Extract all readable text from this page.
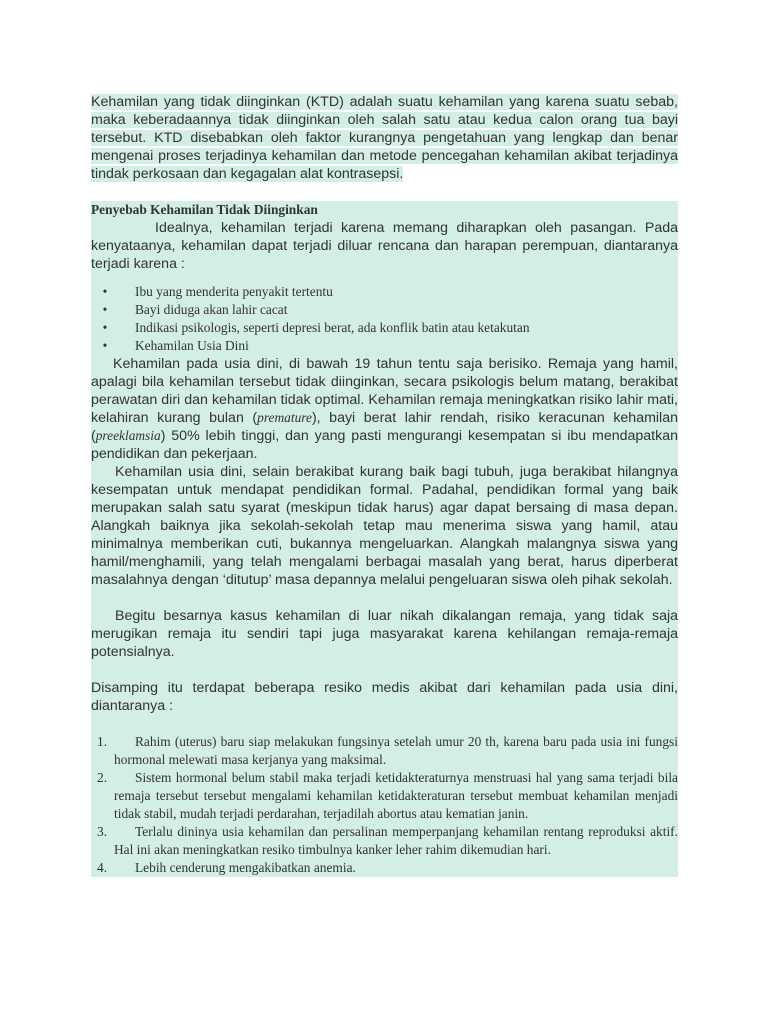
Kehamilan yang tidak diinginkan (KTD) adalah suatu kehamilan yang karena suatu sebab, maka keberadaannya tidak diinginkan oleh salah satu atau kedua calon orang tua bayi tersebut. KTD disebabkan oleh faktor kurangnya pengetahuan yang lengkap dan benar mengenai proses terjadinya kehamilan dan metode pencegahan kehamilan akibat terjadinya tindak perkosaan dan kegagalan alat kontrasepsi.

Penyebab Kehamilan Tidak Diinginkan

Idealnya, kehamilan terjadi karena memang diharapkan oleh pasangan. Pada kenyataanya, kehamilan dapat terjadi diluar rencana dan harapan perempuan, diantaranya terjadi karena :

• Ibu yang menderita penyakit tertentu
• Bayi diduga akan lahir cacat
• Indikasi psikologis, seperti depresi berat, ada konflik batin atau ketakutan
• Kehamilan Usia Dini

Kehamilan pada usia dini, di bawah 19 tahun tentu saja berisiko. Remaja yang hamil, apalagi bila kehamilan tersebut tidak diinginkan, secara psikologis belum matang, berakibat perawatan diri dan kehamilan tidak optimal. Kehamilan remaja meningkatkan risiko lahir mati, kelahiran kurang bulan (premature), bayi berat lahir rendah, risiko keracunan kehamilan (preeklamsia) 50% lebih tinggi, dan yang pasti mengurangi kesempatan si ibu mendapatkan pendidikan dan pekerjaan.

Kehamilan usia dini, selain berakibat kurang baik bagi tubuh, juga berakibat hilangnya kesempatan untuk mendapat pendidikan formal. Padahal, pendidikan formal yang baik merupakan salah satu syarat (meskipun tidak harus) agar dapat bersaing di masa depan. Alangkah baiknya jika sekolah-sekolah tetap mau menerima siswa yang hamil, atau minimalnya memberikan cuti, bukannya mengeluarkan. Alangkah malangnya siswa yang hamil/menghamili, yang telah mengalami berbagai masalah yang berat, harus diperberat masalahnya dengan ‘ditutup’ masa depannya melalui pengeluaran siswa oleh pihak sekolah.

Begitu besarnya kasus kehamilan di luar nikah dikalangan remaja, yang tidak saja merugikan remaja itu sendiri tapi juga masyarakat karena kehilangan remaja-remaja potensialnya.

Disamping itu terdapat beberapa resiko medis akibat dari kehamilan pada usia dini, diantaranya :

1. Rahim (uterus) baru siap melakukan fungsinya setelah umur 20 th, karena baru pada usia ini fungsi hormonal melewati masa kerjanya yang maksimal.
2. Sistem hormonal belum stabil maka terjadi ketidakteraturnya menstruasi hal yang sama terjadi bila remaja tersebut tersebut mengalami kehamilan ketidakteraturan tersebut membuat kehamilan menjadi tidak stabil, mudah terjadi perdarahan, terjadilah abortus atau kematian janin.
3. Terlalu dininya usia kehamilan dan persalinan memperpanjang kehamilan rentang reproduksi aktif. Hal ini akan meningkatkan resiko timbulnya kanker leher rahim dikemudian hari.
4. Lebih cenderung mengakibatkan anemia.
